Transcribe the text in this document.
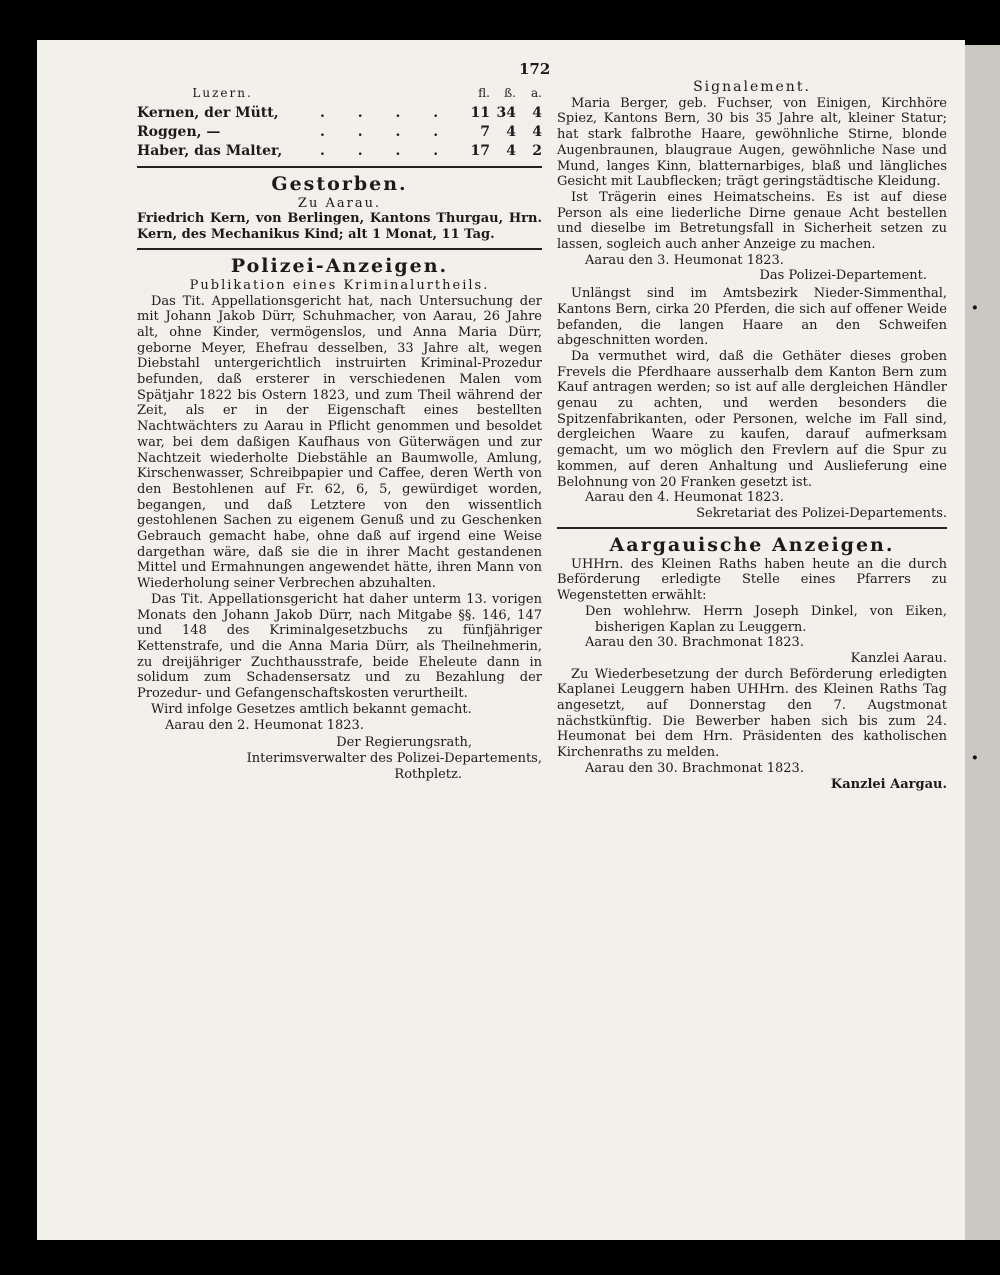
172
Luzern.		fl.	ß.	a.
Kernen, der Mütt,	. . . .	11	34	4
Roggen, —	. . . .	7	4	4
Haber, das Malter,	. . . .	17	4	2
Gestorben.
Zu Aarau.

Friedrich Kern, von Berlingen, Kantons Thurgau, Hrn. Kern, des Mechanikus Kind; alt 1 Monat, 11 Tag.

Polizei-Anzeigen.
Publikation eines Kriminalurtheils.

Das Tit. Appellationsgericht hat, nach Untersuchung der mit Johann Jakob Dürr, Schuhmacher, von Aarau, 26 Jahre alt, ohne Kinder, vermögenslos, und Anna Maria Dürr, geborne Meyer, Ehefrau desselben, 33 Jahre alt, wegen Diebstahl untergerichtlich instruirten Kriminal-Prozedur befunden, daß ersterer in verschiedenen Malen vom Spätjahr 1822 bis Ostern 1823, und zum Theil während der Zeit, als er in der Eigenschaft eines bestellten Nachtwächters zu Aarau in Pflicht genommen und besoldet war, bei dem daßigen Kaufhaus von Güterwägen und zur Nachtzeit wiederholte Diebstähle an Baumwolle, Amlung, Kirschenwasser, Schreibpapier und Caffee, deren Werth von den Bestohlenen auf Fr. 62, 6, 5, gewürdiget worden, begangen, und daß Letztere von den wissentlich gestohlenen Sachen zu eigenem Genuß und zu Geschenken Gebrauch gemacht habe, ohne daß auf irgend eine Weise dargethan wäre, daß sie die in ihrer Macht gestandenen Mittel und Ermahnungen angewendet hätte, ihren Mann von Wiederholung seiner Verbrechen abzuhalten.

Das Tit. Appellationsgericht hat daher unterm 13. vorigen Monats den Johann Jakob Dürr, nach Mitgabe §§. 146, 147 und 148 des Kriminalgesetzbuchs zu fünfjähriger Kettenstrafe, und die Anna Maria Dürr, als Theilnehmerin, zu dreijähriger Zuchthausstrafe, beide Eheleute dann in solidum zum Schadensersatz und zu Bezahlung der Prozedur- und Gefangenschaftskosten verurtheilt.

Wird infolge Gesetzes amtlich bekannt gemacht.

Aarau den 2. Heumonat 1823.

Der Regierungsrath,
Interimsverwalter des Polizei-Departements,
Rothpletz.
Signalement.

Maria Berger, geb. Fuchser, von Einigen, Kirchhöre Spiez, Kantons Bern, 30 bis 35 Jahre alt, kleiner Statur; hat stark falbrothe Haare, gewöhnliche Stirne, blonde Augenbraunen, blaugraue Augen, gewöhnliche Nase und Mund, langes Kinn, blatternarbiges, blaß und längliches Gesicht mit Laubflecken; trägt geringstädtische Kleidung.

Ist Trägerin eines Heimatscheins. Es ist auf diese Person als eine liederliche Dirne genaue Acht bestellen und dieselbe im Betretungsfall in Sicherheit setzen zu lassen, sogleich auch anher Anzeige zu machen.

Aarau den 3. Heumonat 1823.

Das Polizei-Departement.

Unlängst sind im Amtsbezirk Nieder-Simmenthal, Kantons Bern, cirka 20 Pferden, die sich auf offener Weide befanden, die langen Haare an den Schweifen abgeschnitten worden.

Da vermuthet wird, daß die Gethäter dieses groben Frevels die Pferdhaare ausserhalb dem Kanton Bern zum Kauf antragen werden; so ist auf alle dergleichen Händler genau zu achten, und werden besonders die Spitzenfabrikanten, oder Personen, welche im Fall sind, dergleichen Waare zu kaufen, darauf aufmerksam gemacht, um wo möglich den Frevlern auf die Spur zu kommen, auf deren Anhaltung und Auslieferung eine Belohnung von 20 Franken gesetzt ist.

Aarau den 4. Heumonat 1823.

Sekretariat des Polizei-Departements.
Aargauische Anzeigen.

UHHrn. des Kleinen Raths haben heute an die durch Beförderung erledigte Stelle eines Pfarrers zu Wegenstetten erwählt:

Den wohlehrw. Herrn Joseph Dinkel, von Eiken, bisherigen Kaplan zu Leuggern.

Aarau den 30. Brachmonat 1823.

Kanzlei Aarau.

Zu Wiederbesetzung der durch Beförderung erledigten Kaplanei Leuggern haben UHHrn. des Kleinen Raths Tag angesetzt, auf Donnerstag den 7. Augstmonat nächstkünftig. Die Bewerber haben sich bis zum 24. Heumonat bei dem Hrn. Präsidenten des katholischen Kirchenraths zu melden.

Aarau den 30. Brachmonat 1823.

Kanzlei Aargau.
·
·
